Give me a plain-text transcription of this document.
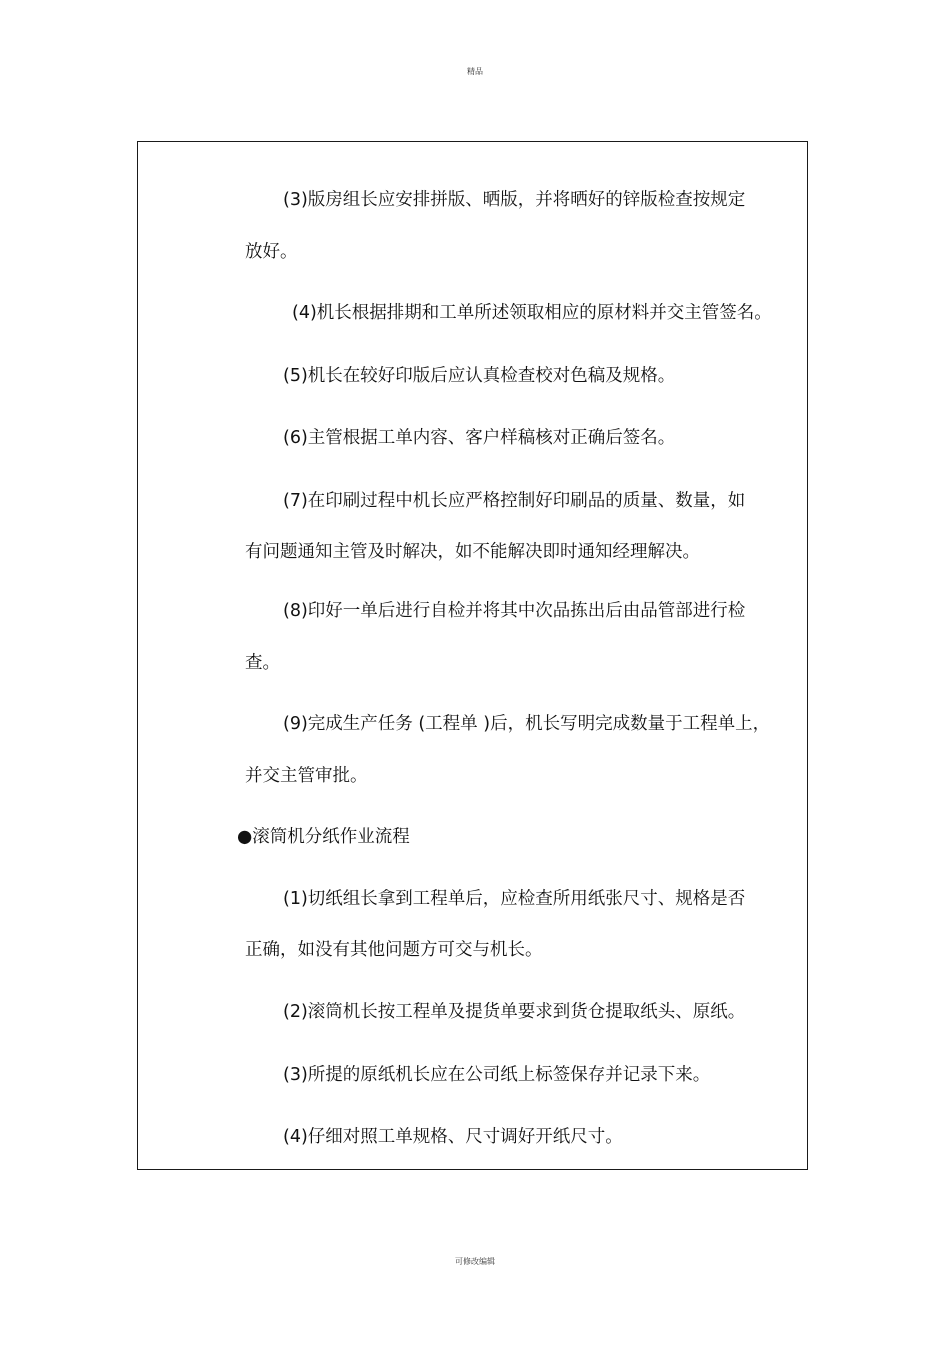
精品
(3)版房组长应安排拼版、晒版，并将晒好的锌版检查按规定
放好。
(4)机长根据排期和工单所述领取相应的原材料并交主管签名。
(5)机长在较好印版后应认真检查校对色稿及规格。
(6)主管根据工单内容、客户样稿核对正确后签名。
(7)在印刷过程中机长应严格控制好印刷品的质量、数量，如
有问题通知主管及时解决，如不能解决即时通知经理解决。
(8)印好一单后进行自检并将其中次品拣出后由品管部进行检
查。
(9)完成生产任务 (工程单 )后，机长写明完成数量于工程单上，
并交主管审批。
●滚筒机分纸作业流程
(1)切纸组长拿到工程单后，应检查所用纸张尺寸、规格是否
正确，如没有其他问题方可交与机长。
(2)滚筒机长按工程单及提货单要求到货仓提取纸头、原纸。
(3)所提的原纸机长应在公司纸上标签保存并记录下来。
(4)仔细对照工单规格、尺寸调好开纸尺寸。
可修改编辑
